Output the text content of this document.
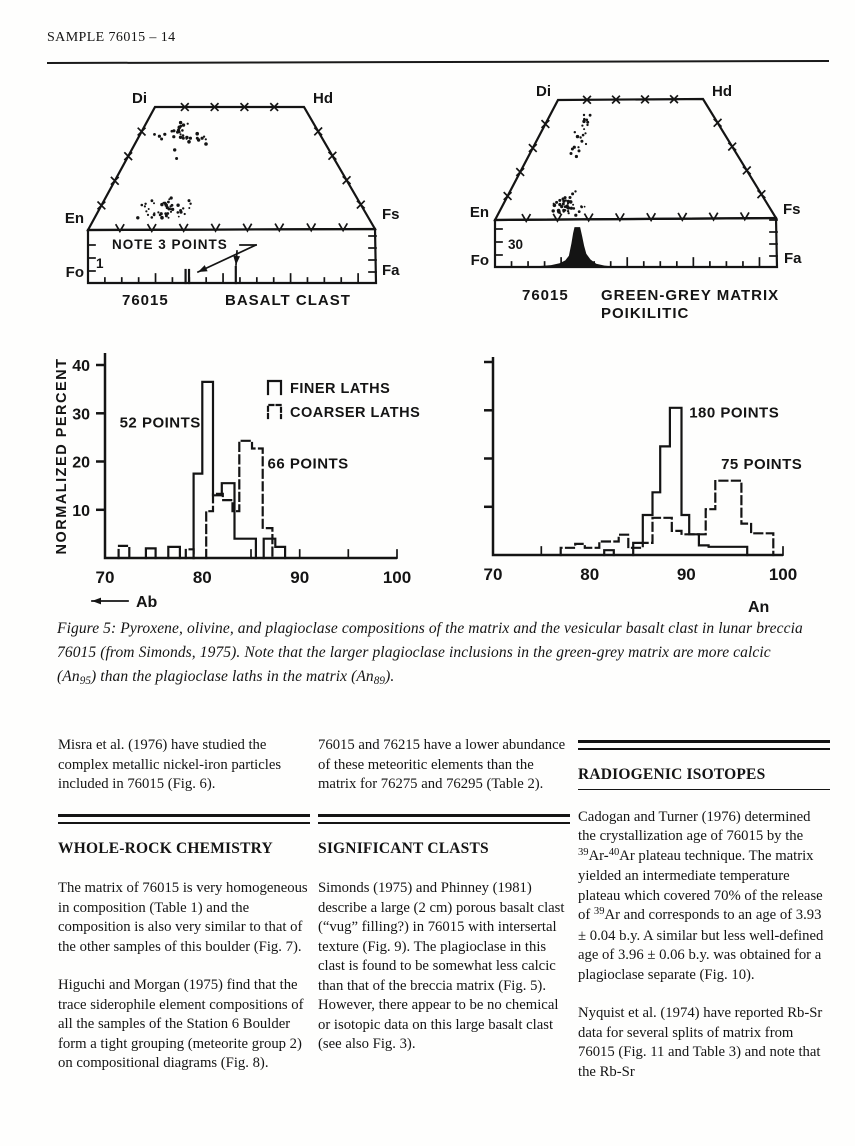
SAMPLE 76015 – 14
Di	Hd
En	Fs
Fo	Fa
1
NOTE 3 POINTS
76015	BASALT CLAST
Di	Hd
En	Fs
Fo	Fa
30
76015 GREEN-GREY MATRIX
POIKILITIC
10
20
30
40
70	80	90	100
52 POINTS
66 POINTS
FINER LATHS
COARSER LATHS
NORMALIZED PERCENT
Ab
70	80	90	100
180 POINTS
75 POINTS
An
Figure 5: Pyroxene, olivine, and plagioclase compositions of the matrix and the vesicular basalt clast in lunar breccia
76015 (from Simonds, 1975). Note that the larger plagioclase inclusions in the green-grey matrix are more calcic
$(An_{95})$ than the plagioclase laths in the matrix $(An_{89})$.

Misra et al. (1976) have studied the complex metallic nickel-iron particles included in 76015 (Fig. 6).

WHOLE-ROCK CHEMISTRY

The matrix of 76015 is very homogeneous in composition (Table 1) and the composition is also very similar to that of the other samples of this boulder (Fig. 7).

Higuchi and Morgan (1975) find that the trace siderophile element compositions of all the samples of the Station 6 Boulder form a tight grouping (meteorite group 2) on compositional diagrams (Fig. 8).

76015 and 76215 have a lower abundance of these meteoritic elements than the matrix for 76275 and 76295 (Table 2).

SIGNIFICANT CLASTS

Simonds (1975) and Phinney (1981) describe a large (2 cm) porous basalt clast (“vug” filling?) in 76015 with intersertal texture (Fig. 9). The plagioclase in this clast is found to be somewhat less calcic than that of the breccia matrix (Fig. 5). However, there appear to be no chemical or isotopic data on this large basalt clast (see also Fig. 3).

RADIOGENIC ISOTOPES

Cadogan and Turner (1976) determined the crystallization age of 76015 by the $^{39}$Ar-$^{40}$Ar plateau technique. The matrix yielded an intermediate temperature plateau which covered 70% of the release of $^{39}$Ar and corresponds to an age of 3.93 ± 0.04 b.y. A similar but less well-defined age of 3.96 ± 0.06 b.y. was obtained for a plagioclase separate (Fig. 10).

Nyquist et al. (1974) have reported Rb-Sr data for several splits of matrix from 76015 (Fig. 11 and Table 3) and note that the Rb-Sr
